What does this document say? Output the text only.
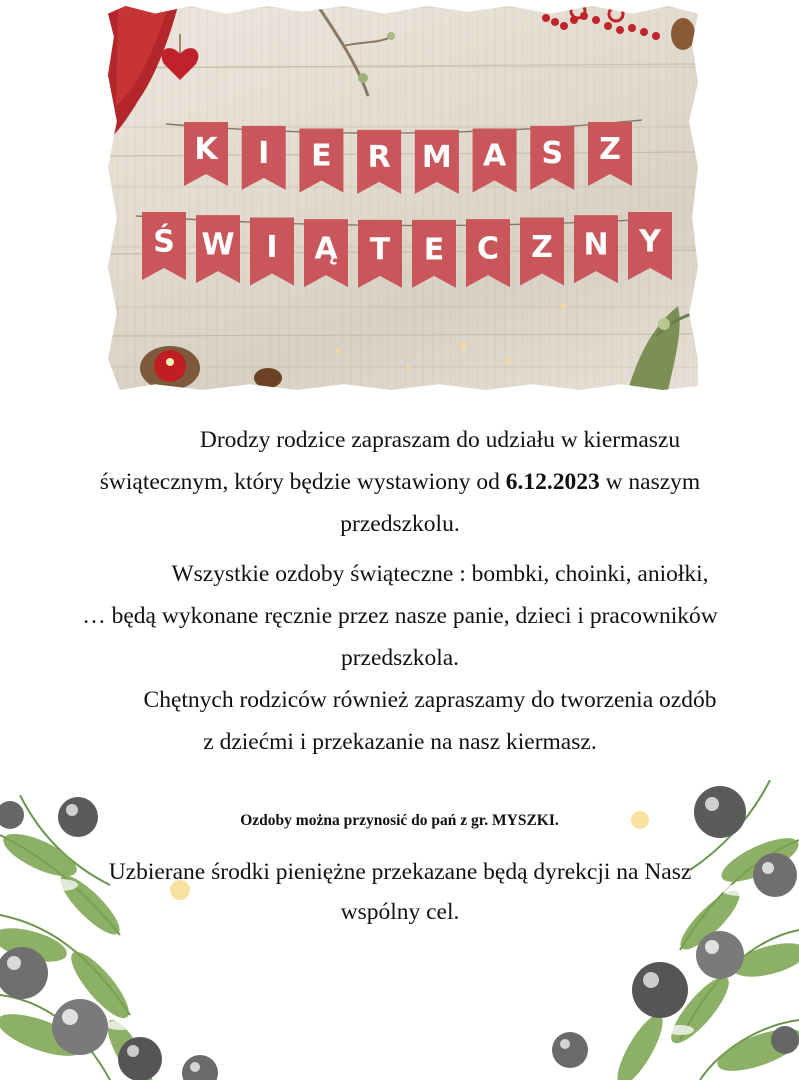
K I E R M A S Z
Ś W I Ą T E C Z N Y

Drodzy rodzice zapraszam do udziału w kiermaszu świątecznym, który będzie wystawiony od 6.12.2023 w naszym przedszkolu.

Wszystkie ozdoby świąteczne : bombki, choinki, aniołki, … będą wykonane ręcznie przez nasze panie, dzieci i pracowników przedszkola.

Chętnych rodziców również zapraszamy do tworzenia ozdób z dziećmi i przekazanie na nasz kiermasz.

Ozdoby można przynosić do pań z gr. MYSZKI.

Uzbierane środki pieniężne przekazane będą dyrekcji na Nasz wspólny cel.
